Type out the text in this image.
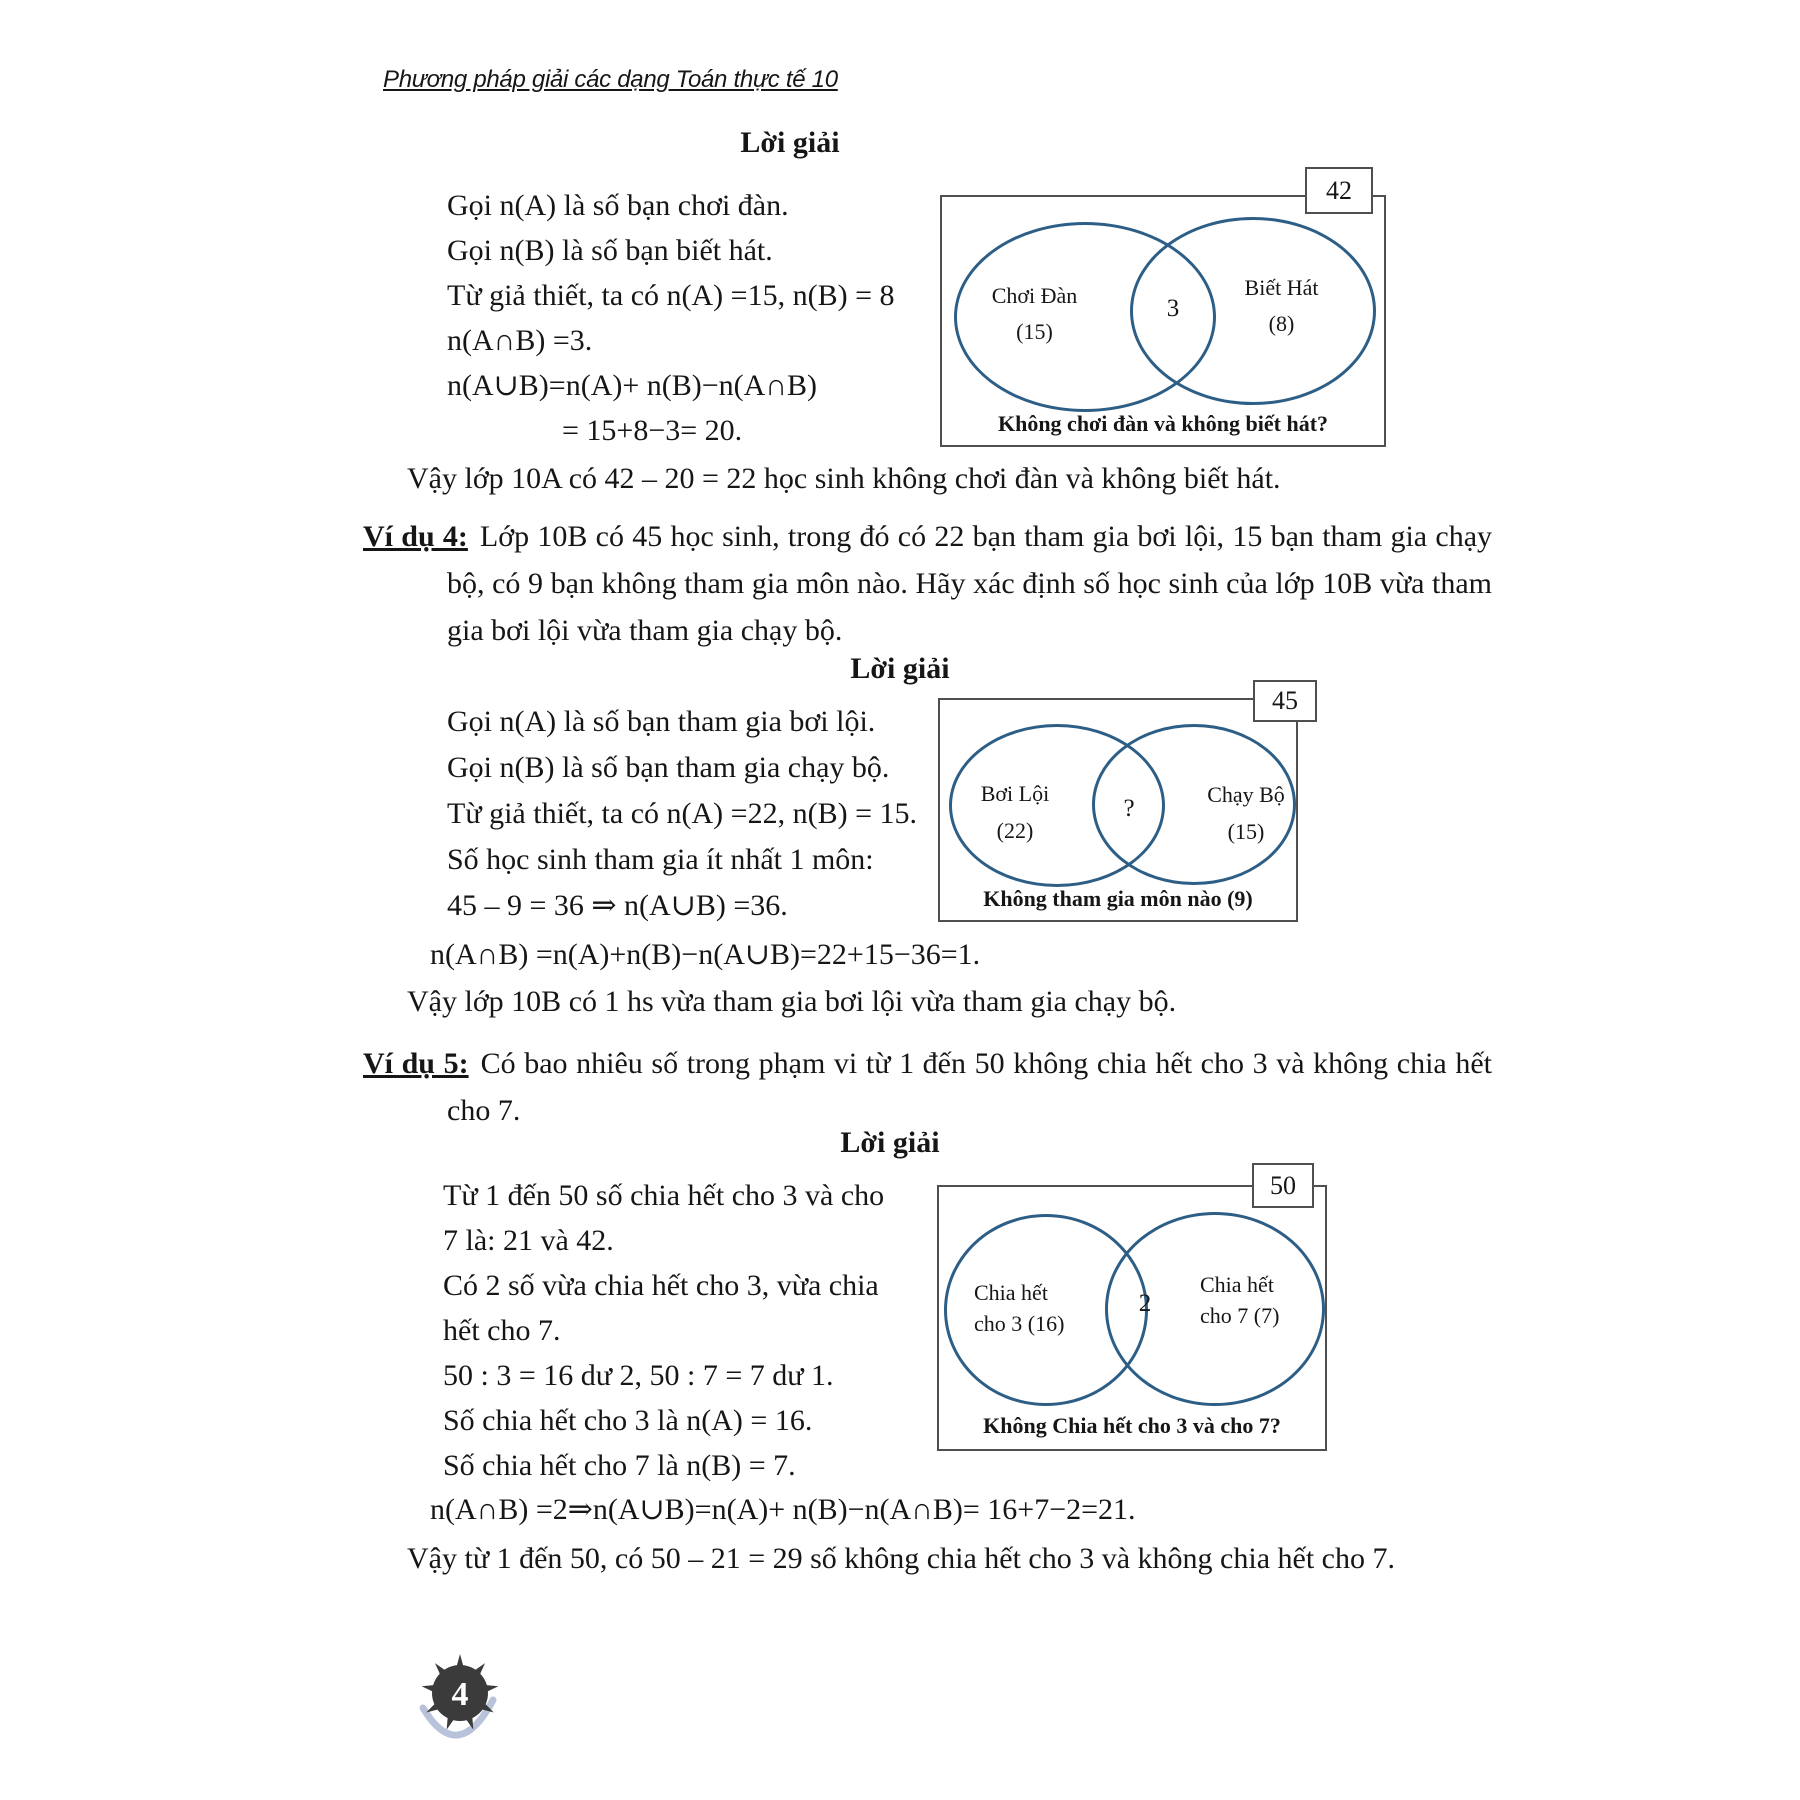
Phương pháp giải các dạng Toán thực tế 10
Lời giải
Gọi n(A) là số bạn chơi đàn.
Gọi n(B) là số bạn biết hát.
Từ giả thiết, ta có n(A) =15, n(B) = 8
n(A∩B) =3.
n(A∪B)=n(A)+ n(B)−n(A∩B)
= 15+8−3= 20.
Chơi Đàn
(15)
3
Biết Hát
(8)
Không chơi đàn và không biết hát?
42
Vậy lớp 10A có 42 – 20 = 22 học sinh không chơi đàn và không biết hát.
Ví dụ 4: Lớp 10B có 45 học sinh, trong đó có 22 bạn tham gia bơi lội, 15 bạn tham gia chạy bộ, có 9 bạn không tham gia môn nào. Hãy xác định số học sinh của lớp 10B vừa tham gia bơi lội vừa tham gia chạy bộ.
Lời giải
Gọi n(A) là số bạn tham gia bơi lội.
Gọi n(B) là số bạn tham gia chạy bộ.
Từ giả thiết, ta có n(A) =22, n(B) = 15.
Số học sinh tham gia ít nhất 1 môn:
45 – 9 = 36 ⇒ n(A∪B) =36.
Bơi Lội
(22)
?
Chạy Bộ
(15)
Không tham gia môn nào (9)
45
n(A∩B) =n(A)+n(B)−n(A∪B)=22+15−36=1.
Vậy lớp 10B có 1 hs vừa tham gia bơi lội vừa tham gia chạy bộ.
Ví dụ 5: Có bao nhiêu số trong phạm vi từ 1 đến 50 không chia hết cho 3 và không chia hết cho 7.
Lời giải
Từ 1 đến 50 số chia hết cho 3 và cho
7 là: 21 và 42.
Có 2 số vừa chia hết cho 3, vừa chia
hết cho 7.
50 : 3 = 16 dư 2, 50 : 7 = 7 dư 1.
Số chia hết cho 3 là n(A) = 16.
Số chia hết cho 7 là n(B) = 7.
Chia hết
cho 3 (16)
2
Chia hết
cho 7 (7)
Không Chia hết cho 3 và cho 7?
50
n(A∩B) =2⇒n(A∪B)=n(A)+ n(B)−n(A∩B)= 16+7−2=21.
Vậy từ 1 đến 50, có 50 – 21 = 29 số không chia hết cho 3 và không chia hết cho 7.
4
